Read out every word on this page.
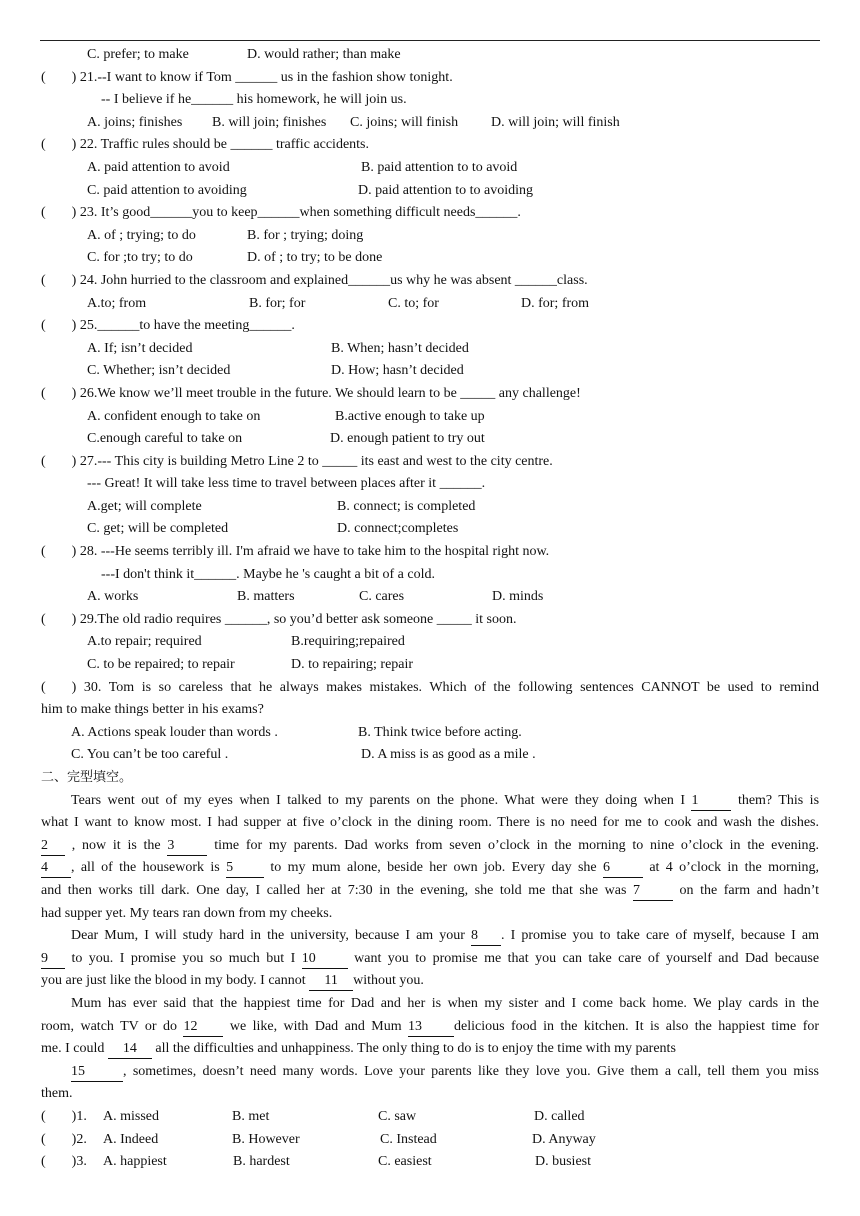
C. prefer; to make

	D. would rather; than make

( ) 21.--I want to know if Tom ______ us in the fashion show tonight.
-- I believe if he______ his homework, he will join us.

A. joins; finishes

B. will join; finishes

C. joins; will finish

D. will join; will finish

( ) 22. Traffic rules should be ______ traffic accidents.

A. paid attention to avoid

	B. paid attention to to avoid

C. paid attention to avoiding

	D. paid attention to to avoiding

( ) 23. It’s good______you to keep______when something difficult needs______.

A. of ; trying; to do

	B. for ; trying; doing

C. for ;to try; to do

	D. of ; to try; to be done

( ) 24. John hurried to the classroom and explained______us why he was absent ______class.

A.to; from

	B. for; for

	C. to; for

	D. for; from

( ) 25.______to have the meeting______.

A. If; isn’t decided

	B. When; hasn’t decided

C. Whether; isn’t decided

	D. How; hasn’t decided

( ) 26.We know we’ll meet trouble in the future. We should learn to be _____ any challenge!

A. confident enough to take on

	B.active enough to take up

C.enough careful to take on

	D. enough patient to try out

( ) 27.--- This city is building Metro Line 2 to _____ its east and west to the city centre.
--- Great! It will take less time to travel between places after it ______.

A.get; will complete

	B. connect; is completed

C. get; will be completed

	D. connect;completes

( ) 28. ---He seems terribly ill. I'm afraid we have to take him to the hospital right now.
---I don't think it______. Maybe he 's caught a bit of a cold.

A. works

	B. matters

	C. cares

	D. minds

( ) 29.The old radio requires ______, so you’d better ask someone _____ it soon.

A.to repair; required

	B.requiring;repaired

C. to be repaired; to repair

	D. to repairing; repair

( ) 30. Tom is so careless that he always makes mistakes. Which of the following sentences CANNOT be used to remind
him to make things better in his exams?

A. Actions speak louder than words .

	B. Think twice before acting.

C. You can’t be too careful .

	D. A miss is as good as a mile .

二、完型填空。
Tears went out of my eyes when I talked to my parents on the phone. What were they doing when I 1	them? This is
what I want to know most. I had supper at five o’clock in the dining room. There is no need for me to cook and wash the dishes.
2 , now it is the 3	time for my parents. Dad works from seven o’clock in the morning to nine o’clock in the evening.
4 , all of the housework is 5	to my mum alone, beside her own job. Every day she 6	at 4 o’clock in the morning,
and then works till dark. One day, I called her at 7:30 in the evening, she told me that she was 7	on the farm and hadn’t
had supper yet. My tears ran down from my cheeks.
Dear Mum, I will study hard in the university, because I am your 8 . I promise you to take care of myself, because I am
9 to you. I promise you so much but I 10	want you to promise me that you can take care of yourself and Dad because
you are just like the blood in my body. I cannot 11 without you.
Mum has ever said that the happiest time for Dad and her is when my sister and I come back home. We play cards in the
room, watch TV or do 12 we like, with Dad and Mum 13 delicious food in the kitchen. It is also the happiest time for
me. I could 14 all the difficulties and unhappiness. The only thing to do is to enjoy the time with my parents
15	, sometimes, doesn’t need many words. Love your parents like they love you. Give them a call, tell them you miss
them.
( )1. A. missed	B. met	C. saw	D. called
( )2. A. Indeed	B. However	C. Instead	D. Anyway
( )3. A. happiest	B. hardest	C. easiest	D. busiest
